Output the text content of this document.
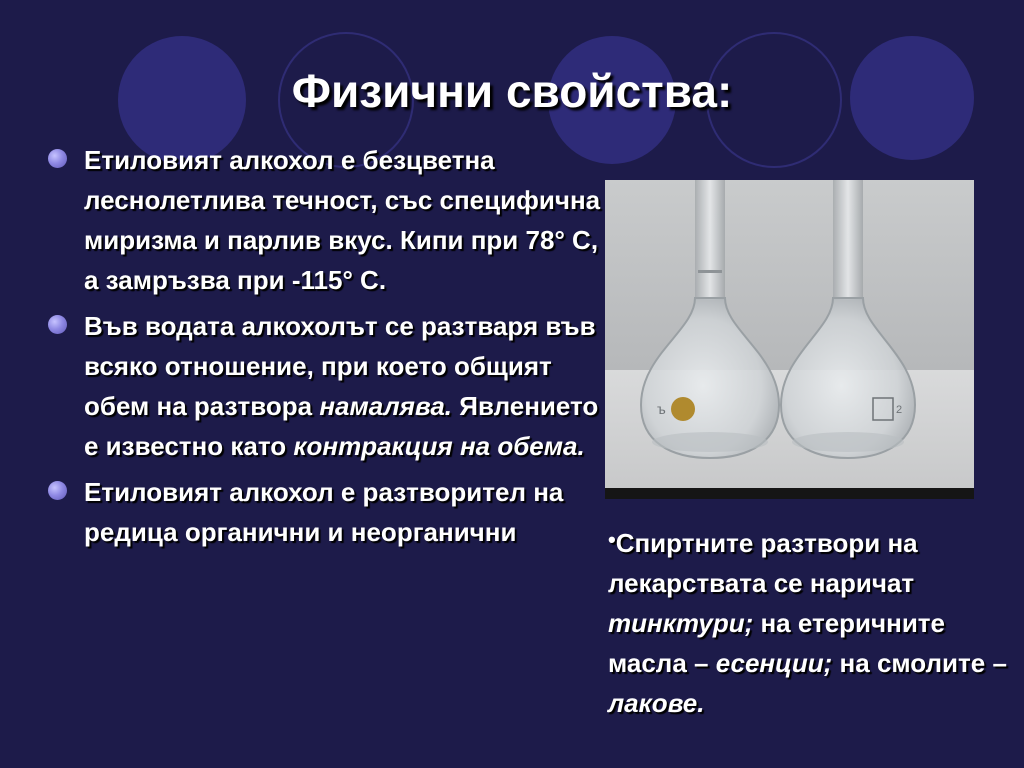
Физични свойства:
Етиловият алкохол е безцветна леснолетлива течност, със специфична миризма и парлив вкус. Кипи при 78° С, а замръзва при -115° С.
Във водата алкохолът се разтваря във всяко отношение, при което общият обем на разтвора намалява. Явлението е известно като контракция на обема.
Етиловият алкохол е разтворител на редица органични и неорганични
ъ	2

•Спиртните разтвори на лекарствата се наричат тинктури; на етеричните масла – есенции; на смолите – лакове.
